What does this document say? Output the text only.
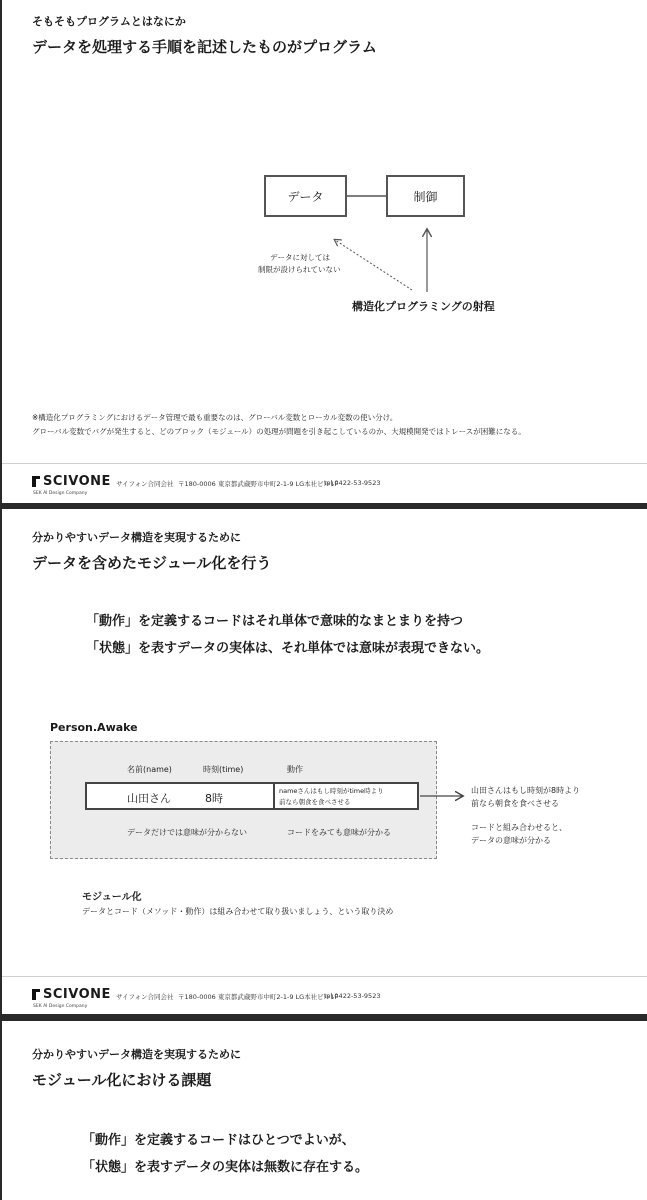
そもそもプログラムとはなにか
データを処理する手順を記述したものがプログラム
データ	制御
データに対しては
制限が設けられていない
構造化プログラミングの射程
※構造化プログラミングにおけるデータ管理で最も重要なのは、グローバル変数とローカル変数の使い分け。
グローバル変数でバグが発生すると、どのブロック（モジュール）の処理が問題を引き起こしているのか、大規模開発ではトレースが困難になる。
SCIVONE
SEK AI Design Company
サイフォン合同会社 〒180-0006 東京都武蔵野市中町2-1-9 LG本社ビル1F
tel.0422-53-9523
分かりやすいデータ構造を実現するために
データを含めたモジュール化を行う
「動作」を定義するコードはそれ単体で意味的なまとまりを持つ
「状態」を表すデータの実体は、それ単体では意味が表現できない。
Person.Awake
名前(name)	時刻(time)	動作
山田さん	8時
nameさんはもし時刻がtime時より
前なら朝食を食べさせる
データだけでは意味が分からない	コードをみても意味が分かる
山田さんはもし時刻が8時より
前なら朝食を食べさせる
コードと組み合わせると、
データの意味が分かる
モジュール化
データとコード（メソッド・動作）は組み合わせて取り扱いましょう、という取り決め
SCIVONE
SEK AI Design Company
サイフォン合同会社 〒180-0006 東京都武蔵野市中町2-1-9 LG本社ビル1F
tel.0422-53-9523
分かりやすいデータ構造を実現するために
モジュール化における課題
「動作」を定義するコードはひとつでよいが、
「状態」を表すデータの実体は無数に存在する。
